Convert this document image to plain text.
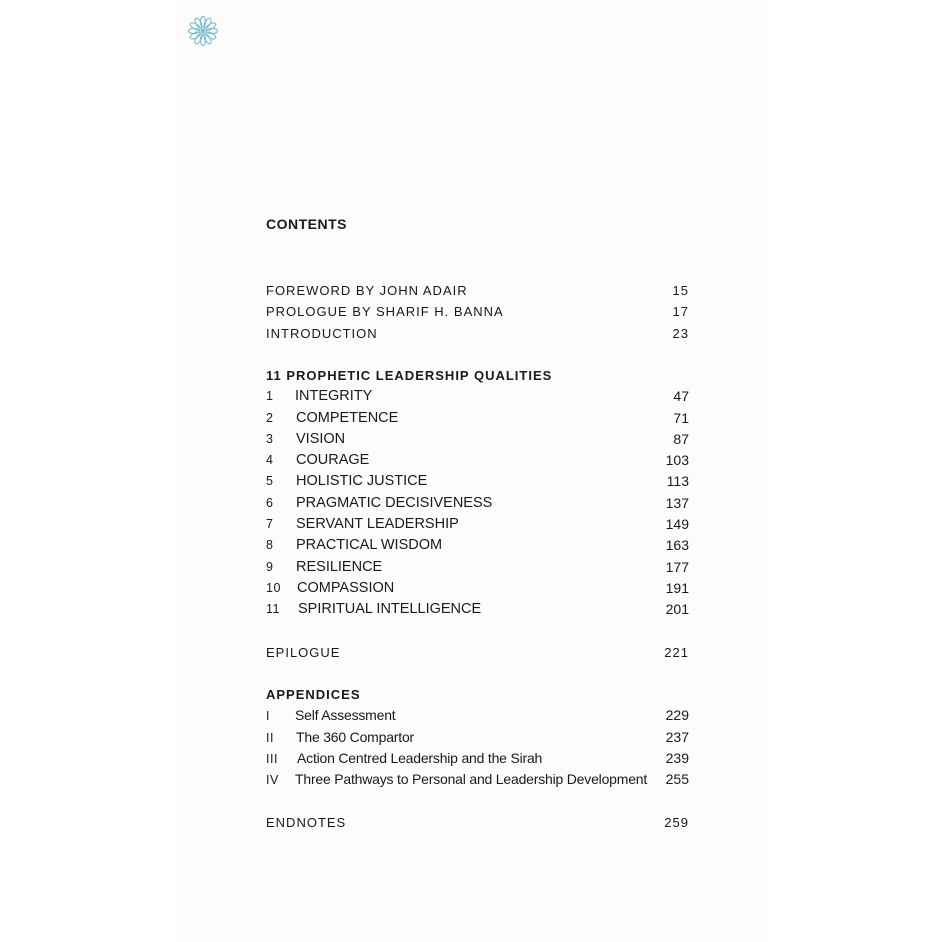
CONTENTS
FOREWORD BY JOHN ADAIR	15
PROLOGUE BY SHARIF H. BANNA	17
INTRODUCTION	23
11 PROPHETIC LEADERSHIP QUALITIES
1 INTEGRITY	47
2 COMPETENCE	71
3 VISION	87
4 COURAGE	103
5 HOLISTIC JUSTICE	113
6 PRAGMATIC DECISIVENESS	137
7 SERVANT LEADERSHIP	149
8 PRACTICAL WISDOM	163
9 RESILIENCE	177
10 COMPASSION	191
11 SPIRITUAL INTELLIGENCE	201
EPILOGUE	221
APPENDICES
I Self Assessment	229
II The 360 Compartor	237
III Action Centred Leadership and the Sirah	239
IV Three Pathways to Personal and Leadership Development 255
ENDNOTES	259
